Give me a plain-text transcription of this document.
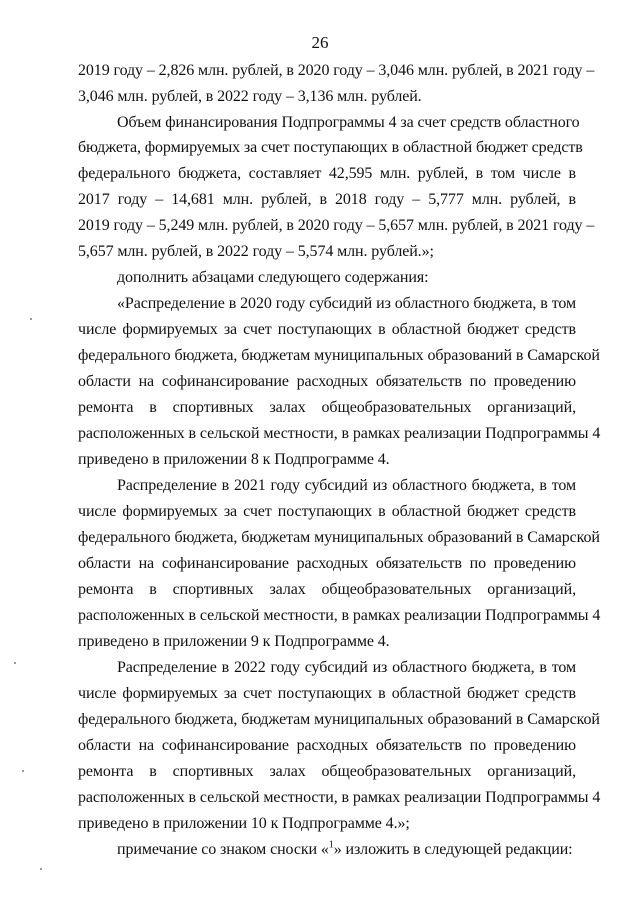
26
2019 году – 2,826 млн. рублей, в 2020 году – 3,046 млн. рублей, в 2021 году –
3,046 млн. рублей, в 2022 году – 3,136 млн. рублей.
Объем финансирования Подпрограммы 4 за счет средств областного
бюджета, формируемых за счет поступающих в областной бюджет средств
федерального бюджета, составляет 42,595 млн. рублей, в том числе в
2017 году – 14,681 млн. рублей, в 2018 году – 5,777 млн. рублей, в
2019 году – 5,249 млн. рублей, в 2020 году – 5,657 млн. рублей, в 2021 году –
5,657 млн. рублей, в 2022 году – 5,574 млн. рублей.»;
дополнить абзацами следующего содержания:
«Распределение в 2020 году субсидий из областного бюджета, в том
числе формируемых за счет поступающих в областной бюджет средств
федерального бюджета, бюджетам муниципальных образований в Самарской
области на софинансирование расходных обязательств по проведению
ремонта в спортивных залах общеобразовательных организаций,
расположенных в сельской местности, в рамках реализации Подпрограммы 4
приведено в приложении 8 к Подпрограмме 4.
Распределение в 2021 году субсидий из областного бюджета, в том
числе формируемых за счет поступающих в областной бюджет средств
федерального бюджета, бюджетам муниципальных образований в Самарской
области на софинансирование расходных обязательств по проведению
ремонта в спортивных залах общеобразовательных организаций,
расположенных в сельской местности, в рамках реализации Подпрограммы 4
приведено в приложении 9 к Подпрограмме 4.
Распределение в 2022 году субсидий из областного бюджета, в том
числе формируемых за счет поступающих в областной бюджет средств
федерального бюджета, бюджетам муниципальных образований в Самарской
области на софинансирование расходных обязательств по проведению
ремонта в спортивных залах общеобразовательных организаций,
расположенных в сельской местности, в рамках реализации Подпрограммы 4
приведено в приложении 10 к Подпрограмме 4.»;
примечание со знаком сноски «$^1$» изложить в следующей редакции:
